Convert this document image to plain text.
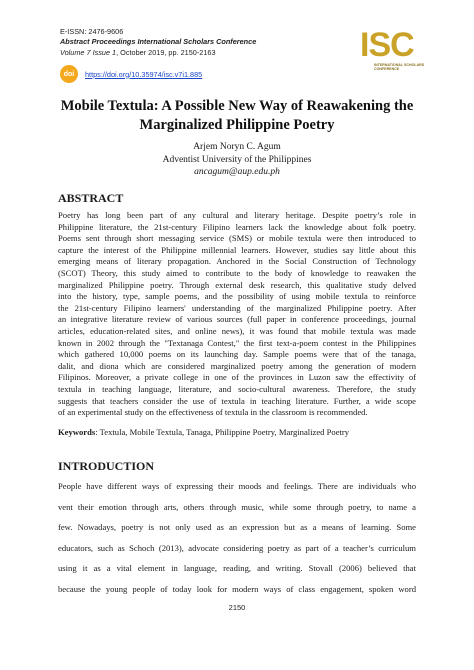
E-ISSN: 2476-9606
Abstract Proceedings International Scholars Conference
Volume 7 Issue 1, October 2019, pp. 2150-2163
doi	https://doi.org/10.35974/isc.v7i1.885
ISC
INTERNATIONAL SCHOLARS CONFERENCE
Mobile Textula: A Possible New Way of Reawakening the
Marginalized Philippine Poetry
Arjem Noryn C. Agum
Adventist University of the Philippines
ancagum@aup.edu.ph
ABSTRACT
Poetry has long been part of any cultural and literary heritage. Despite poetry’s role in
Philippine literature, the 21st-century Filipino learners lack the knowledge about folk poetry.
Poems sent through short messaging service (SMS) or mobile textula were then introduced to
capture the interest of the Philippine millennial learners. However, studies say little about this
emerging means of literary propagation. Anchored in the Social Construction of Technology
(SCOT) Theory, this study aimed to contribute to the body of knowledge to reawaken the
marginalized Philippine poetry. Through external desk research, this qualitative study delved
into the history, type, sample poems, and the possibility of using mobile textula to reinforce
the 21st-century Filipino learners' understanding of the marginalized Philippine poetry. After
an integrative literature review of various sources (full paper in conference proceedings, journal
articles, education-related sites, and online news), it was found that mobile textula was made
known in 2002 through the "Textanaga Contest," the first text-a-poem contest in the Philippines
which gathered 10,000 poems on its launching day. Sample poems were that of the tanaga,
dalit, and diona which are considered marginalized poetry among the generation of modern
Filipinos. Moreover, a private college in one of the provinces in Luzon saw the effectivity of
textula in teaching language, literature, and socio-cultural awareness. Therefore, the study
suggests that teachers consider the use of textula in teaching literature. Further, a wide scope
of an experimental study on the effectiveness of textula in the classroom is recommended.
Keywords: Textula, Mobile Textula, Tanaga, Philippine Poetry, Marginalized Poetry
INTRODUCTION
People have different ways of expressing their moods and feelings. There are individuals who
vent their emotion through arts, others through music, while some through poetry, to name a
few. Nowadays, poetry is not only used as an expression but as a means of learning. Some
educators, such as Schoch (2013), advocate considering poetry as part of a teacher’s curriculum
using it as a vital element in language, reading, and writing. Stovall (2006) believed that
because the young people of today look for modern ways of class engagement, spoken word
2150
